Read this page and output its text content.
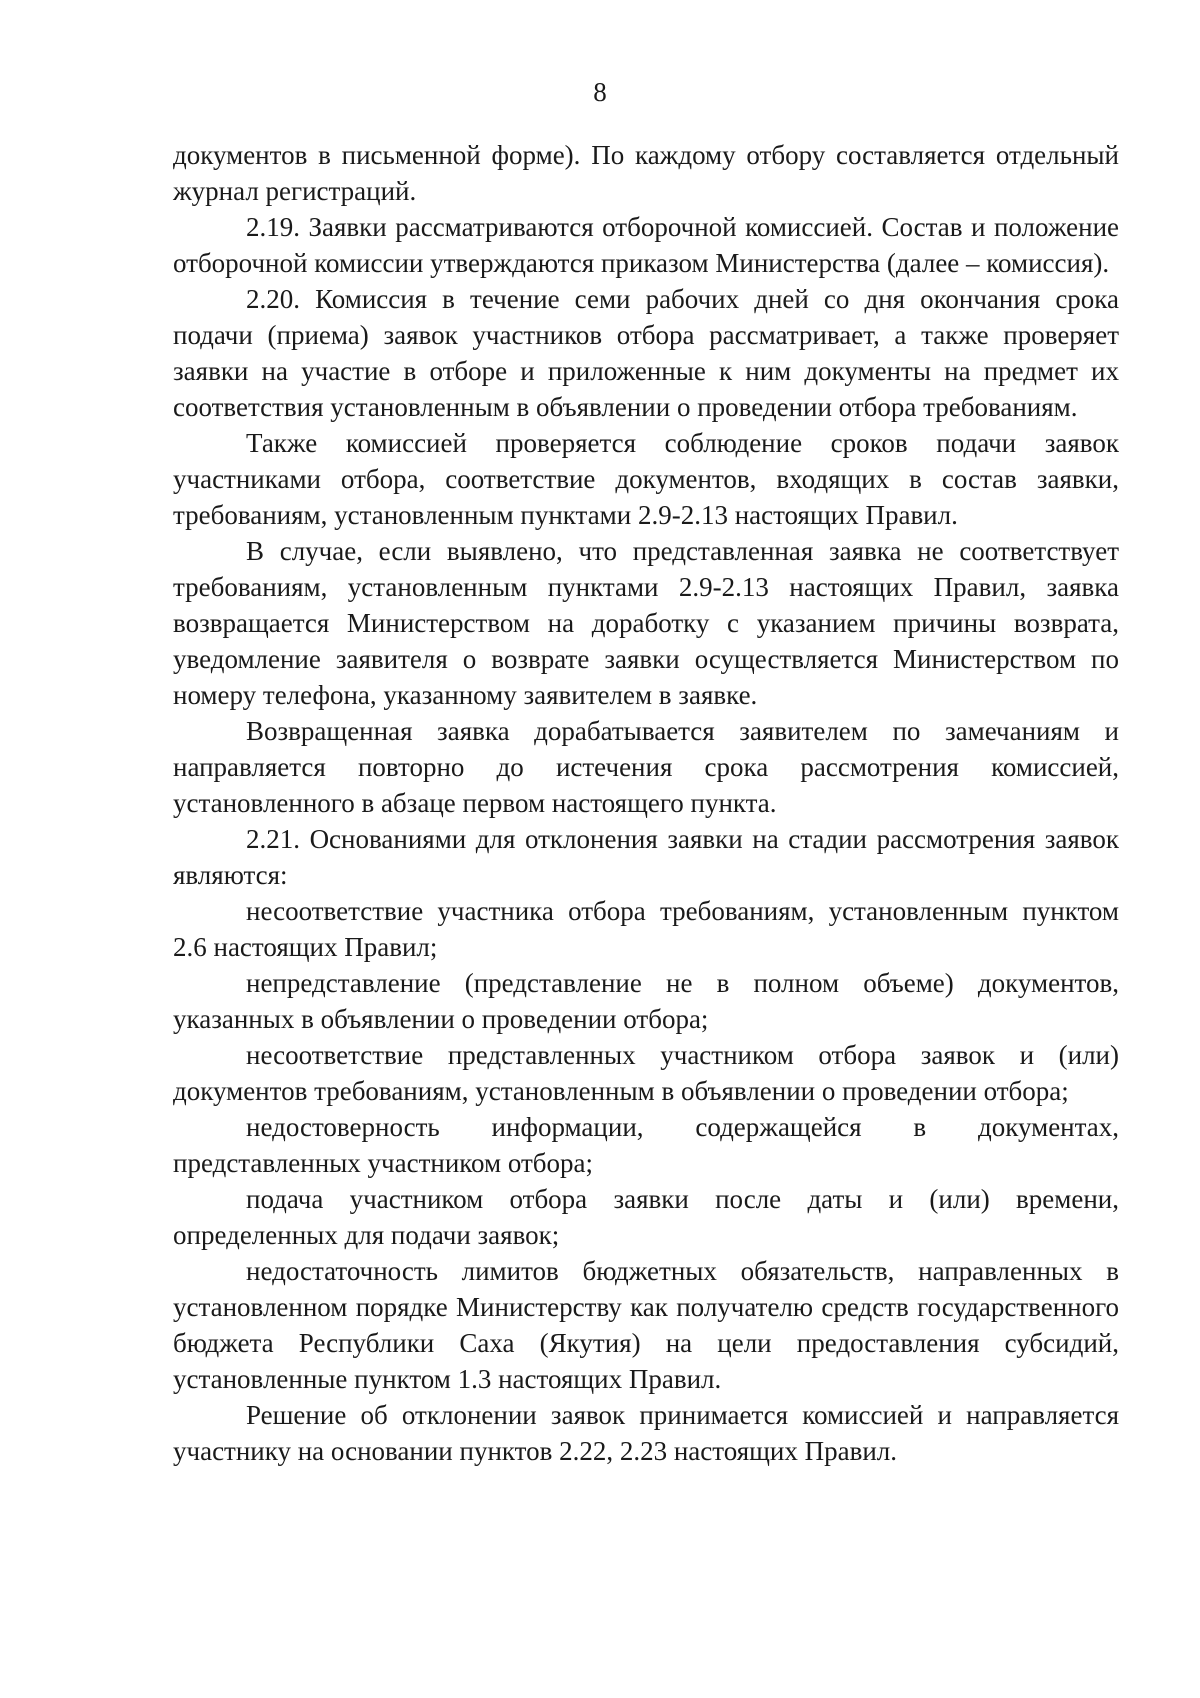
8

документов в письменной форме). По каждому отбору составляется отдельный журнал регистраций.

2.19. Заявки рассматриваются отборочной комиссией. Состав и положение отборочной комиссии утверждаются приказом Министерства (далее – комиссия).

2.20. Комиссия в течение семи рабочих дней со дня окончания срока подачи (приема) заявок участников отбора рассматривает, а также проверяет заявки на участие в отборе и приложенные к ним документы на предмет их соответствия установленным в объявлении о проведении отбора требованиям.

Также комиссией проверяется соблюдение сроков подачи заявок участниками отбора, соответствие документов, входящих в состав заявки, требованиям, установленным пунктами 2.9-2.13 настоящих Правил.

В случае, если выявлено, что представленная заявка не соответствует требованиям, установленным пунктами 2.9-2.13 настоящих Правил, заявка возвращается Министерством на доработку с указанием причины возврата, уведомление заявителя о возврате заявки осуществляется Министерством по номеру телефона, указанному заявителем в заявке.

Возвращенная заявка дорабатывается заявителем по замечаниям и направляется повторно до истечения срока рассмотрения комиссией, установленного в абзаце первом настоящего пункта.

2.21. Основаниями для отклонения заявки на стадии рассмотрения заявок являются:

несоответствие участника отбора требованиям, установленным пунктом 2.6 настоящих Правил;

непредставление (представление не в полном объеме) документов, указанных в объявлении о проведении отбора;

несоответствие представленных участником отбора заявок и (или) документов требованиям, установленным в объявлении о проведении отбора;

недостоверность информации, содержащейся в документах, представленных участником отбора;

подача участником отбора заявки после даты и (или) времени, определенных для подачи заявок;

недостаточность лимитов бюджетных обязательств, направленных в установленном порядке Министерству как получателю средств государственного бюджета Республики Саха (Якутия) на цели предоставления субсидий, установленные пунктом 1.3 настоящих Правил.

Решение об отклонении заявок принимается комиссией и направляется участнику на основании пунктов 2.22, 2.23 настоящих Правил.
